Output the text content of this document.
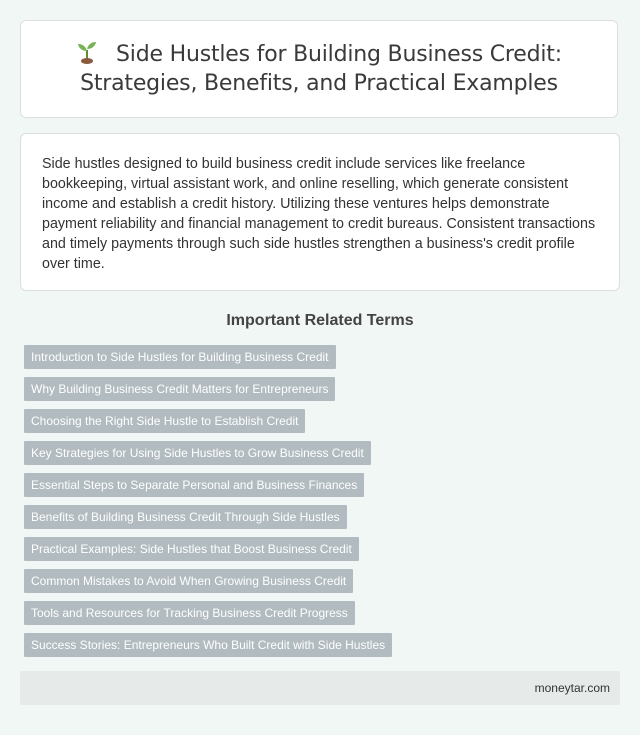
Side Hustles for Building Business Credit:
Strategies, Benefits, and Practical Examples

Side hustles designed to build business credit include services like freelance bookkeeping, virtual assistant work, and online reselling, which generate consistent income and establish a credit history. Utilizing these ventures helps demonstrate payment reliability and financial management to credit bureaus. Consistent transactions and timely payments through such side hustles strengthen a business's credit profile over time.

Important Related Terms
Introduction to Side Hustles for Building Business Credit
Why Building Business Credit Matters for Entrepreneurs
Choosing the Right Side Hustle to Establish Credit
Key Strategies for Using Side Hustles to Grow Business Credit
Essential Steps to Separate Personal and Business Finances
Benefits of Building Business Credit Through Side Hustles
Practical Examples: Side Hustles that Boost Business Credit
Common Mistakes to Avoid When Growing Business Credit
Tools and Resources for Tracking Business Credit Progress
Success Stories: Entrepreneurs Who Built Credit with Side Hustles
moneytar.com
